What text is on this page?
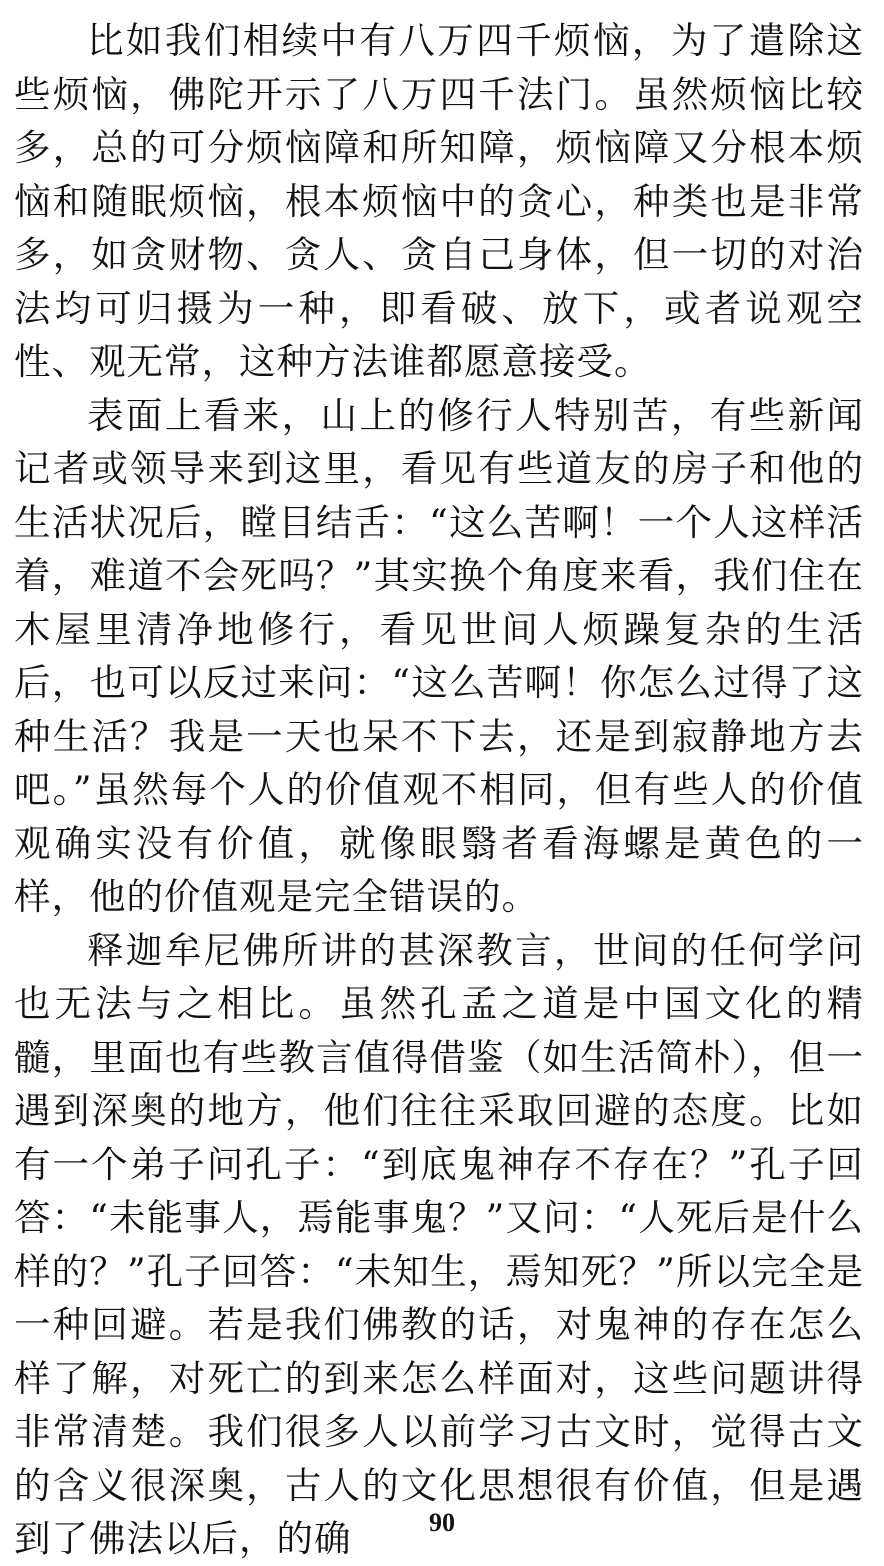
比如我们相续中有八万四千烦恼，为了遣除这些烦恼，佛陀开示了八万四千法门。虽然烦恼比较多，总的可分烦恼障和所知障，烦恼障又分根本烦恼和随眠烦恼，根本烦恼中的贪心，种类也是非常多，如贪财物、贪人、贪自己身体，但一切的对治法均可归摄为一种，即看破、放下，或者说观空性、观无常，这种方法谁都愿意接受。

表面上看来，山上的修行人特别苦，有些新闻记者或领导来到这里，看见有些道友的房子和他的生活状况后，瞠目结舌：“这么苦啊！一个人这样活着，难道不会死吗？”其实换个角度来看，我们住在木屋里清净地修行，看见世间人烦躁复杂的生活后，也可以反过来问：“这么苦啊！你怎么过得了这种生活？我是一天也呆不下去，还是到寂静地方去吧。”虽然每个人的价值观不相同，但有些人的价值观确实没有价值，就像眼翳者看海螺是黄色的一样，他的价值观是完全错误的。

释迦牟尼佛所讲的甚深教言，世间的任何学问也无法与之相比。虽然孔孟之道是中国文化的精髓，里面也有些教言值得借鉴（如生活简朴），但一遇到深奥的地方，他们往往采取回避的态度。比如有一个弟子问孔子：“到底鬼神存不存在？”孔子回答：“未能事人，焉能事鬼？”又问：“人死后是什么样的？”孔子回答：“未知生，焉知死？”所以完全是一种回避。若是我们佛教的话，对鬼神的存在怎么样了解，对死亡的到来怎么样面对，这些问题讲得非常清楚。我们很多人以前学习古文时，觉得古文的含义很深奥，古人的文化思想很有价值，但是遇到了佛法以后，的确	90
